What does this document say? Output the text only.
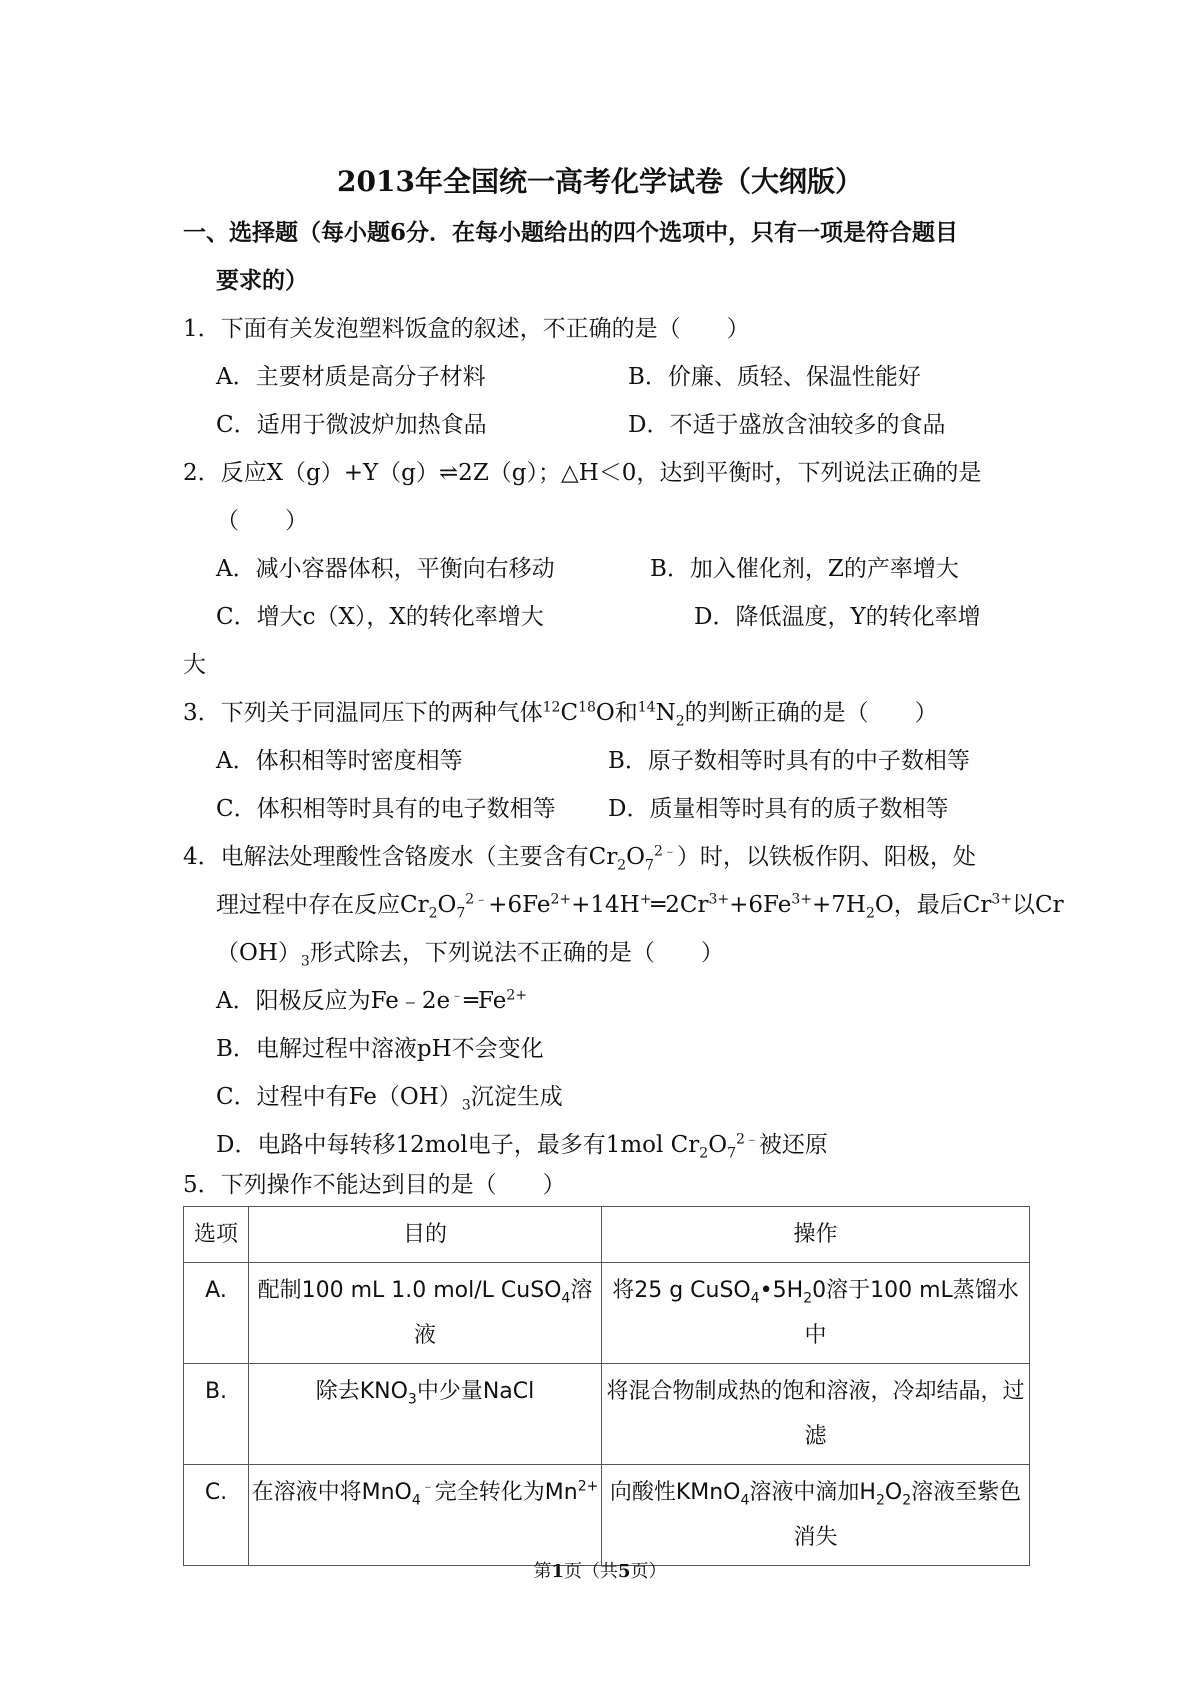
2013年全国统一高考化学试卷（大纲版）
一、选择题（每小题6分．在每小题给出的四个选项中，只有一项是符合题目
要求的）
1．下面有关发泡塑料饭盒的叙述，不正确的是（　　）
A．主要材质是高分子材料	B．价廉、质轻、保温性能好
C．适用于微波炉加热食品	D．不适于盛放含油较多的食品
2．反应X（g）+Y（g）⇌2Z（g）；△H＜0，达到平衡时，下列说法正确的是
（　　）
A．减小容器体积，平衡向右移动	B．加入催化剂，Z的产率增大
C．增大c（X），X的转化率增大	D．降低温度，Y的转化率增
大
3．下列关于同温同压下的两种气体$^{12}C^{18}O$和$^{14}N_2$的判断正确的是（　　）
A．体积相等时密度相等	B．原子数相等时具有的中子数相等
C．体积相等时具有的电子数相等 D．质量相等时具有的质子数相等
4．电解法处理酸性含铬废水（主要含有$Cr_2O_7^{2﹣}$）时，以铁板作阴、阳极，处
理过程中存在反应$Cr_2O_7^{2﹣}+6Fe^{2+}+14H^+═2Cr^{3+}+6Fe^{3+}+7H_2O$，最后$Cr^{3+}$以Cr
$(OH)_3$形式除去，下列说法不正确的是（　　）
A．阳极反应为$Fe﹣2e^﹣═Fe^{2+}$
B．电解过程中溶液pH不会变化
C．过程中有$Fe(OH)_3$沉淀生成
D．电路中每转移12mol电子，最多有1mol $Cr_2O_7^{2﹣}$被还原
5．下列操作不能达到目的是（　　）
选项	目的	操作
A.	配制100 mL 1.0 mol/L CuSO$_4$溶液	将25 g $CuSO_4•5H_20$溶于100 mL蒸馏水中
B.	除去$KNO_3$中少量NaCl	将混合物制成热的饱和溶液，冷却结晶，过滤
C.	在溶液中将MnO$_4$﹣完全转化为$Mn^{2+}$	向酸性KMnO$_4$溶液中滴加$H_2O_2$溶液至紫色消失
第1页（共5页）
